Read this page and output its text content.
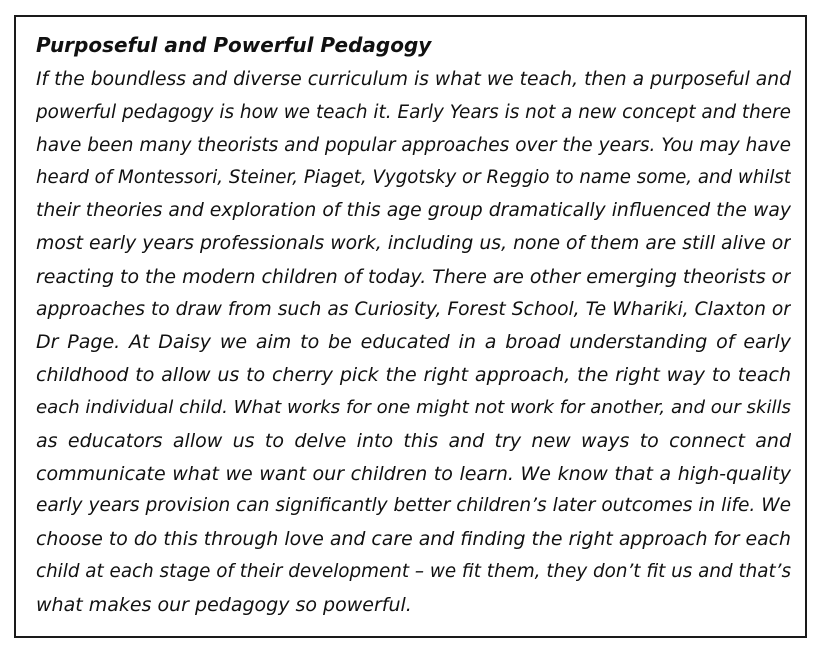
Purposeful and Powerful Pedagogy
If the boundless and diverse curriculum is what we teach, then a purposeful and
powerful pedagogy is how we teach it. Early Years is not a new concept and there
have been many theorists and popular approaches over the years. You may have
heard of Montessori, Steiner, Piaget, Vygotsky or Reggio to name some, and whilst
their theories and exploration of this age group dramatically influenced the way
most early years professionals work, including us, none of them are still alive or
reacting to the modern children of today. There are other emerging theorists or
approaches to draw from such as Curiosity, Forest School, Te Whariki, Claxton or
Dr Page. At Daisy we aim to be educated in a broad understanding of early
childhood to allow us to cherry pick the right approach, the right way to teach
each individual child. What works for one might not work for another, and our skills
as educators allow us to delve into this and try new ways to connect and
communicate what we want our children to learn. We know that a high-quality
early years provision can significantly better children’s later outcomes in life. We
choose to do this through love and care and finding the right approach for each
child at each stage of their development – we fit them, they don’t fit us and that’s
what makes our pedagogy so powerful.
